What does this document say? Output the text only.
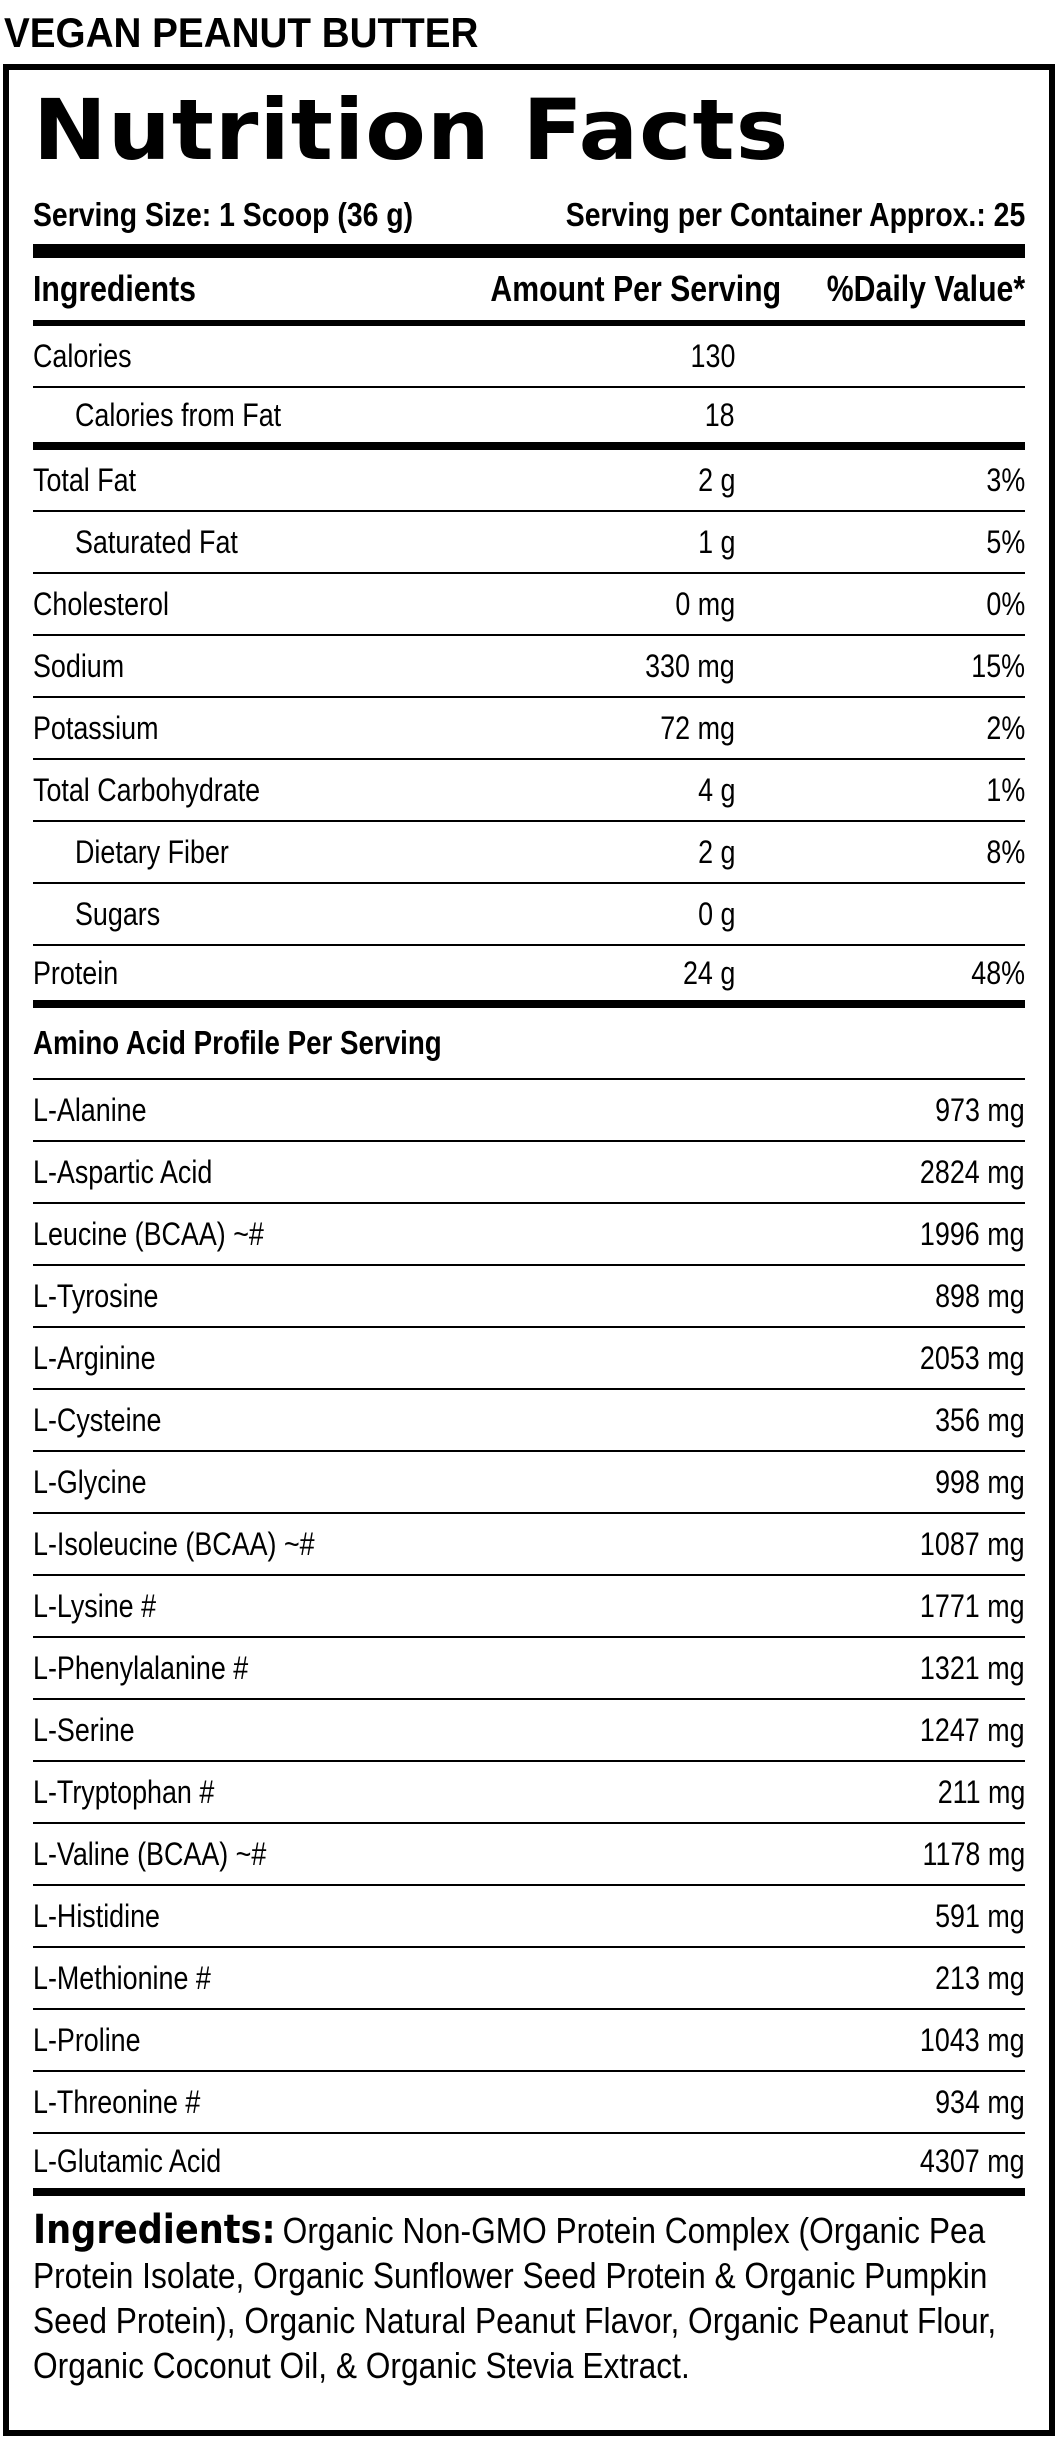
VEGAN PEANUT BUTTER
Nutrition Facts
Serving Size: 1 Scoop (36 g)	Serving per Container Approx.: 25
Ingredients	Amount Per Serving	%Daily Value*
Calories	130
Calories from Fat	18
Total Fat	2 g	3%
Saturated Fat	1 g	5%
Cholesterol	0 mg	0%
Sodium	330 mg	15%
Potassium	72 mg	2%
Total Carbohydrate	4 g	1%
Dietary Fiber	2 g	8%
Sugars	0 g
Protein	24 g	48%
Amino Acid Profile Per Serving
L-Alanine	973 mg
L-Aspartic Acid	2824 mg
Leucine (BCAA) ~#	1996 mg
L-Tyrosine	898 mg
L-Arginine	2053 mg
L-Cysteine	356 mg
L-Glycine	998 mg
L-Isoleucine (BCAA) ~#	1087 mg
L-Lysine #	1771 mg
L-Phenylalanine #	1321 mg
L-Serine	1247 mg
L-Tryptophan #	211 mg
L-Valine (BCAA) ~#	1178 mg
L-Histidine	591 mg
L-Methionine #	213 mg
L-Proline	1043 mg
L-Threonine #	934 mg
L-Glutamic Acid	4307 mg
Ingredients: Organic Non-GMO Protein Complex (Organic Pea Protein Isolate, Organic Sunflower Seed Protein & Organic Pumpkin Seed Protein), Organic Natural Peanut Flavor, Organic Peanut Flour, Organic Coconut Oil, & Organic Stevia Extract.
